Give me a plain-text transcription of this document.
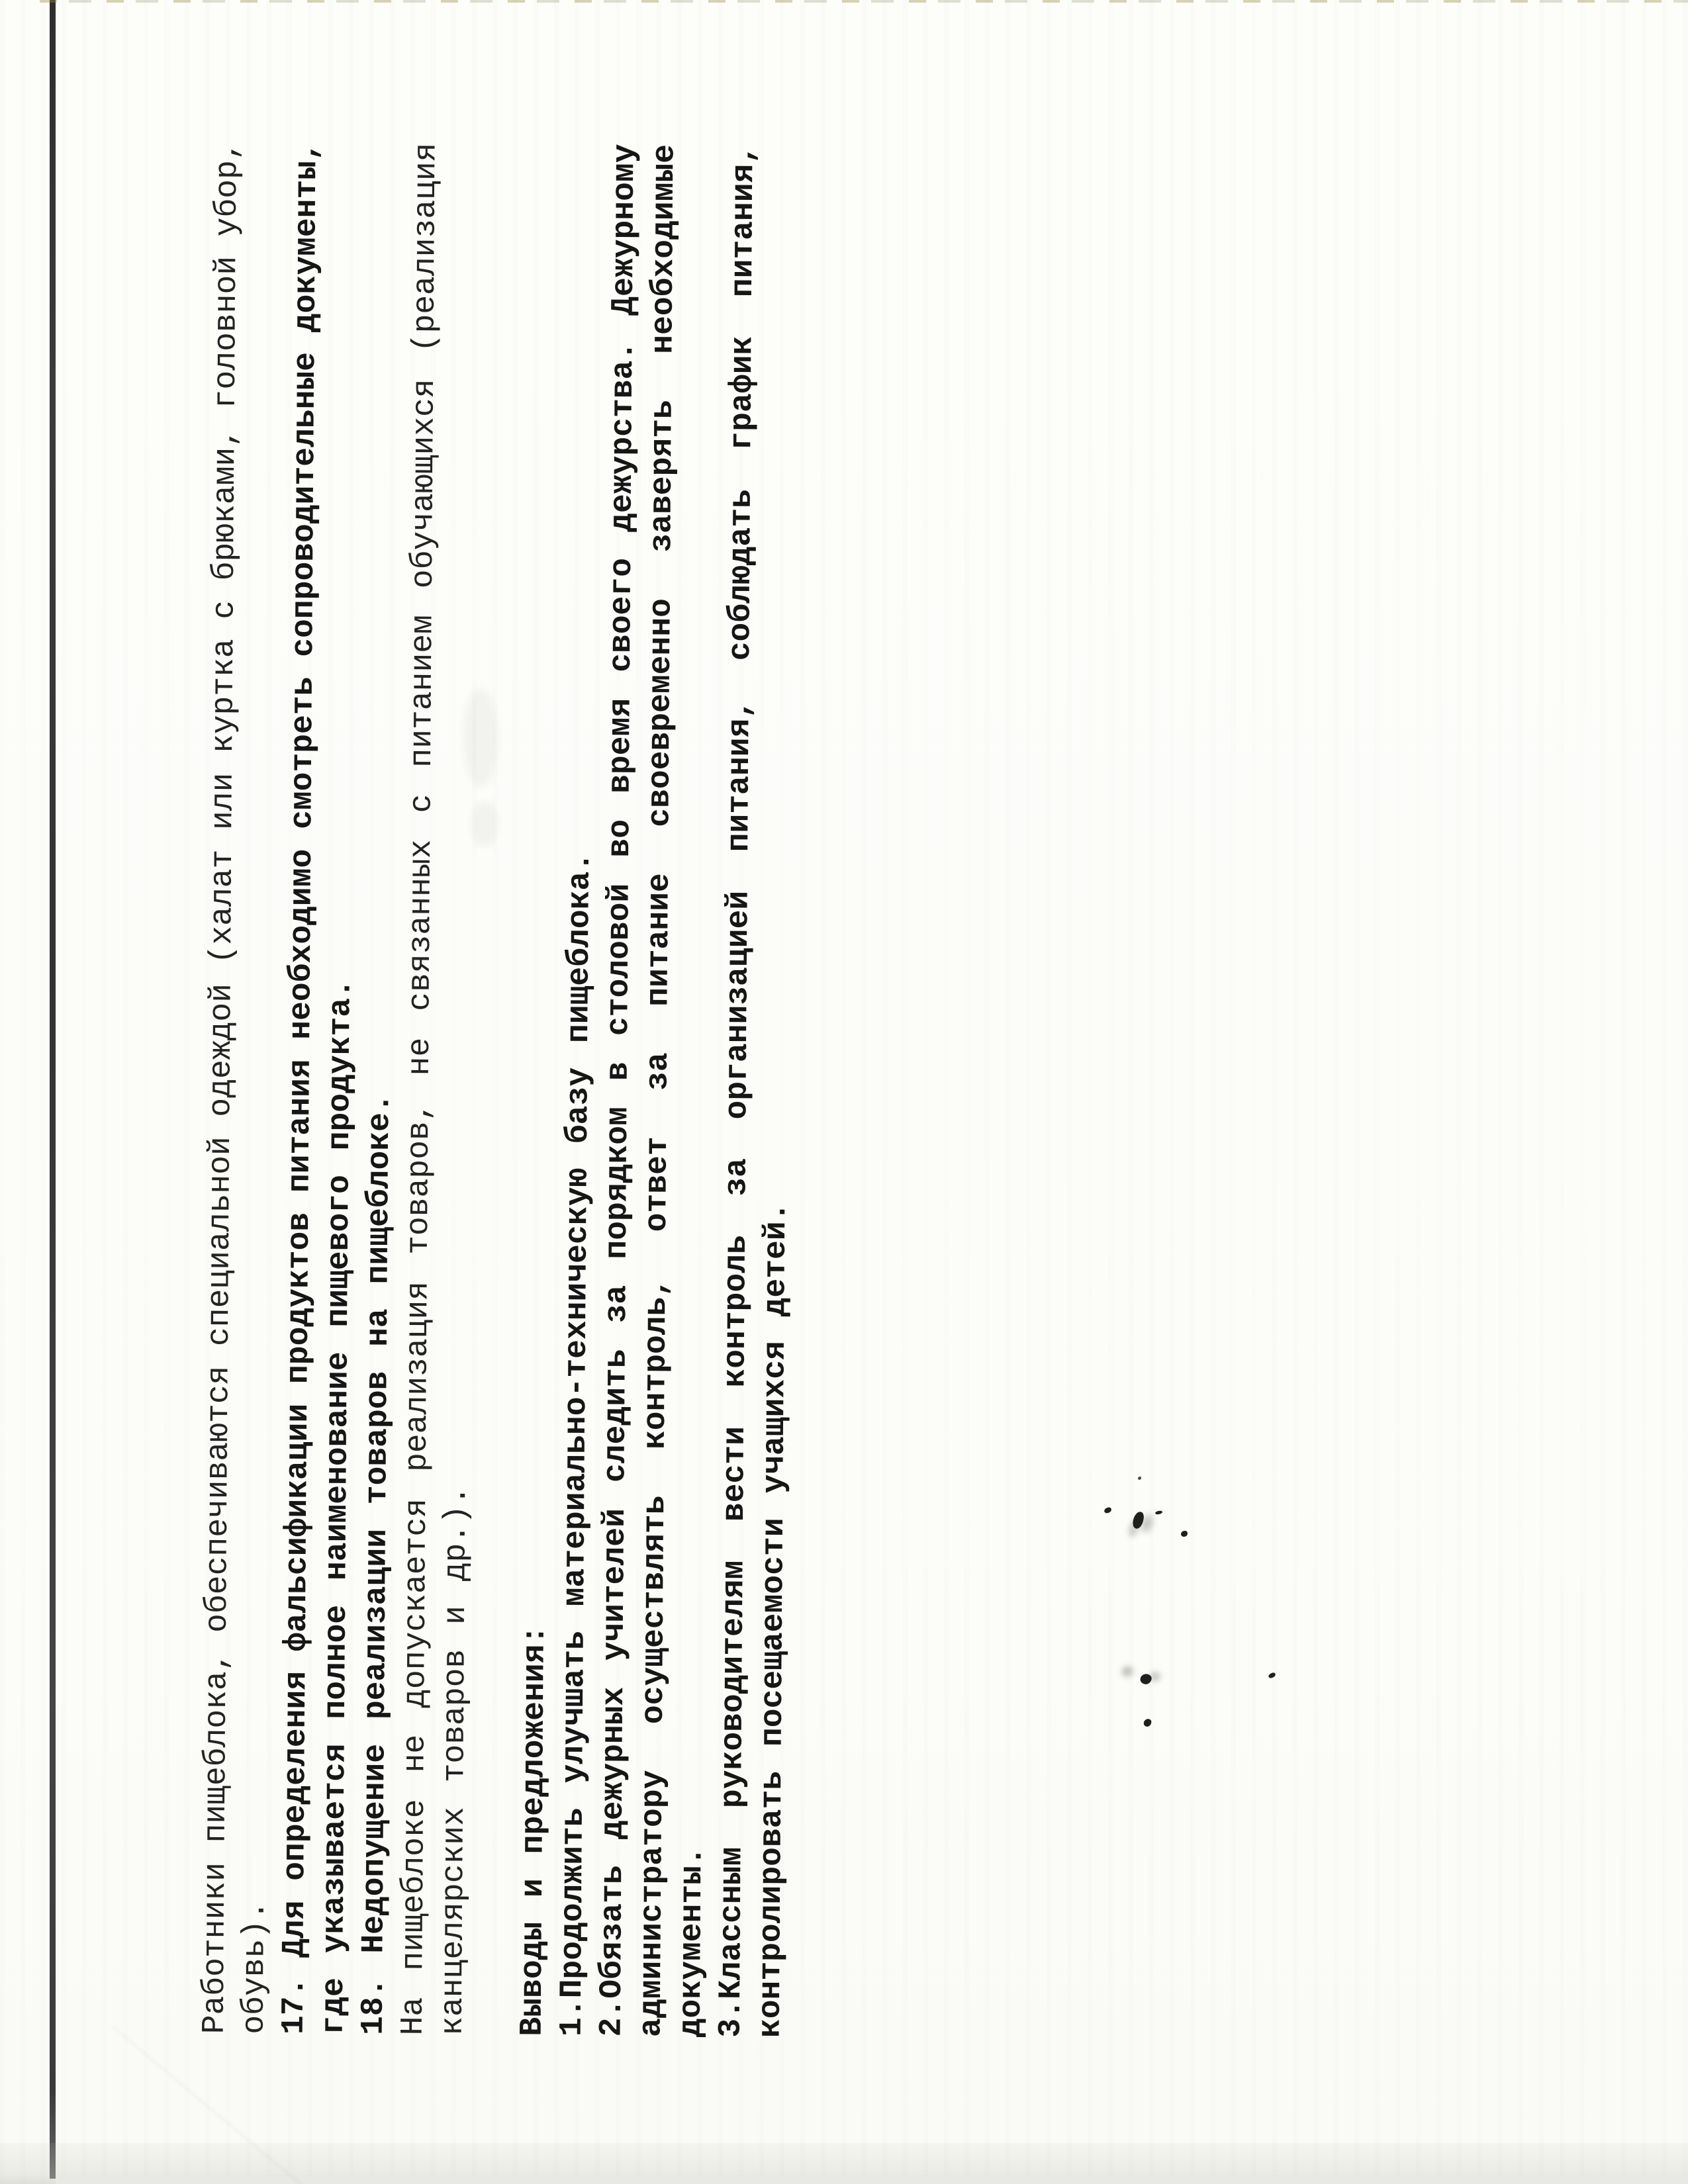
Работники пищеблока, обеспечиваются специальной одеждой (халат или куртка с брюками, головной убор,
обувь). 17. Для определения фальсификации продуктов питания необходимо смотреть сопроводительные документы,
где указывается полное наименование пищевого продукта.
18. Недопущение реализации товаров на пищеблоке.
На пищеблоке не допускается реализация товаров, не связанных с питанием обучающихся (реализация
канцелярских товаров и др.).	Выводы и предложения: 1.Продолжить улучшать материально-техническую базу пищеблока.
2.Обязать дежурных учителей следить за порядком в столовой во время своего дежурства. Дежурному
администратору осуществлять контроль, ответ за питание своевременно заверять необходимые
документы. 3.Классным руководителям вести контроль за организацией питания, соблюдать график питания,
контролировать посещаемости учащихся детей.
